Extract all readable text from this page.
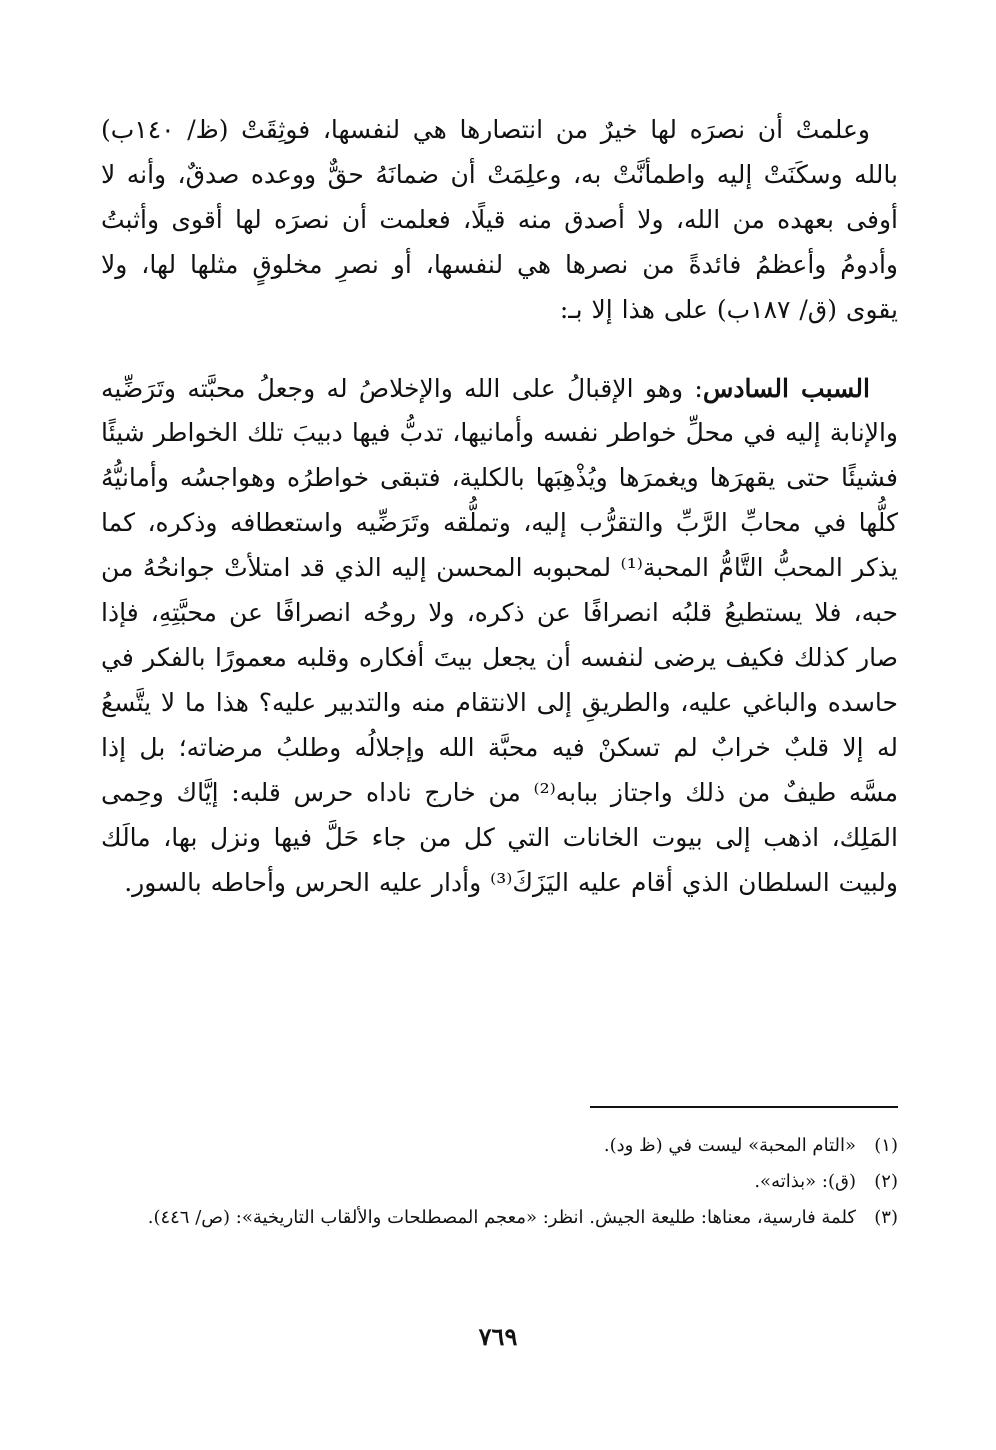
وعلمتْ أن نصرَه لها خيرٌ من انتصارها هي لنفسها، فوثِقَتْ (ظ/ ١٤٠ب) بالله وسكَنَتْ إليه واطمأنَّتْ به، وعلِمَتْ أن ضمانَهُ حقٌّ ووعده صدقٌ، وأنه لا أوفى بعهده من الله، ولا أصدق منه قيلًا، فعلمت أن نصرَه لها أقوى وأثبتُ وأدومُ وأعظمُ فائدةً من نصرها هي لنفسها، أو نصرِ مخلوقٍ مثلها لها، ولا يقوى (ق/ ١٨٧ب) على هذا إلا بـ:

السبب السادس: وهو الإقبالُ على الله والإخلاصُ له وجعلُ محبَّته وتَرَضِّيه والإنابة إليه في محلِّ خواطر نفسه وأمانيها، تدبُّ فيها دبيبَ تلك الخواطر شيئًا فشيئًا حتى يقهرَها ويغمرَها ويُذْهِبَها بالكلية، فتبقى خواطرُه وهواجسُه وأمانيُّهُ كلُّها في محابِّ الرَّبِّ والتقرُّب إليه، وتملُّقه وتَرَضِّيه واستعطافه وذكره، كما يذكر المحبُّ التَّامُّ المحبة⁽¹⁾ لمحبوبه المحسن إليه الذي قد امتلأتْ جوانحُهُ من حبه، فلا يستطيعُ قلبُه انصرافًا عن ذكره، ولا روحُه انصرافًا عن محبَّتِهِ، فإذا صار كذلك فكيف يرضى لنفسه أن يجعل بيتَ أفكاره وقلبه معمورًا بالفكر في حاسده والباغي عليه، والطريقِ إلى الانتقام منه والتدبير عليه؟ هذا ما لا يتَّسعُ له إلا قلبٌ خرابٌ لم تسكنْ فيه محبَّة الله وإجلالُه وطلبُ مرضاته؛ بل إذا مسَّه طيفٌ من ذلك واجتاز ببابه⁽²⁾ من خارج ناداه حرس قلبه: إيَّاك وحِمى المَلِك، اذهب إلى بيوت الخانات التي كل من جاء حَلَّ فيها ونزل بها، مالَك ولبيت السلطان الذي أقام عليه اليَزَكَ⁽³⁾ وأدار عليه الحرس وأحاطه بالسور.

(١)
«التام المحبة» ليست في (ظ ود).
(٢)
(ق): «بذاته».
(٣)
كلمة فارسية، معناها: طليعة الجيش. انظر: «معجم المصطلحات والألقاب التاريخية»: (ص/ ٤٤٦).
٧٦٩
